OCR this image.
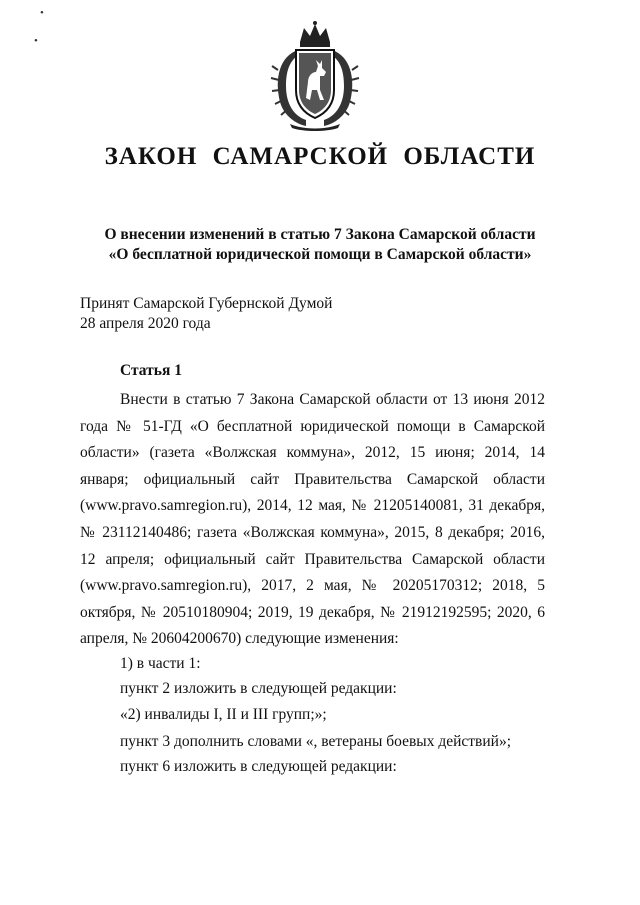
•
•
ЗАКОН САМАРСКОЙ ОБЛАСТИ
О внесении изменений в статью 7 Закона Самарской области
«О бесплатной юридической помощи в Самарской области»
Принят Самарской Губернской Думой
28 апреля 2020 года
Статья 1
Внести в статью 7 Закона Самарской области от 13 июня 2012 года № 51-ГД «О бесплатной юридической помощи в Самарской области» (газета «Волжская коммуна», 2012, 15 июня; 2014, 14 января; официальный сайт Правительства Самарской области (www.pravo.samregion.ru), 2014, 12 мая, № 21205140081, 31 декабря, № 23112140486; газета «Волжская коммуна», 2015, 8 декабря; 2016, 12 апреля; официальный сайт Правительства Самарской области (www.pravo.samregion.ru), 2017, 2 мая, № 20205170312; 2018, 5 октября, № 20510180904; 2019, 19 декабря, № 21912192595; 2020, 6 апреля, № 20604200670) следующие изменения:
1) в части 1:
пункт 2 изложить в следующей редакции:
«2) инвалиды I, II и III групп;»;
пункт 3 дополнить словами «, ветераны боевых действий»;
пункт 6 изложить в следующей редакции:
